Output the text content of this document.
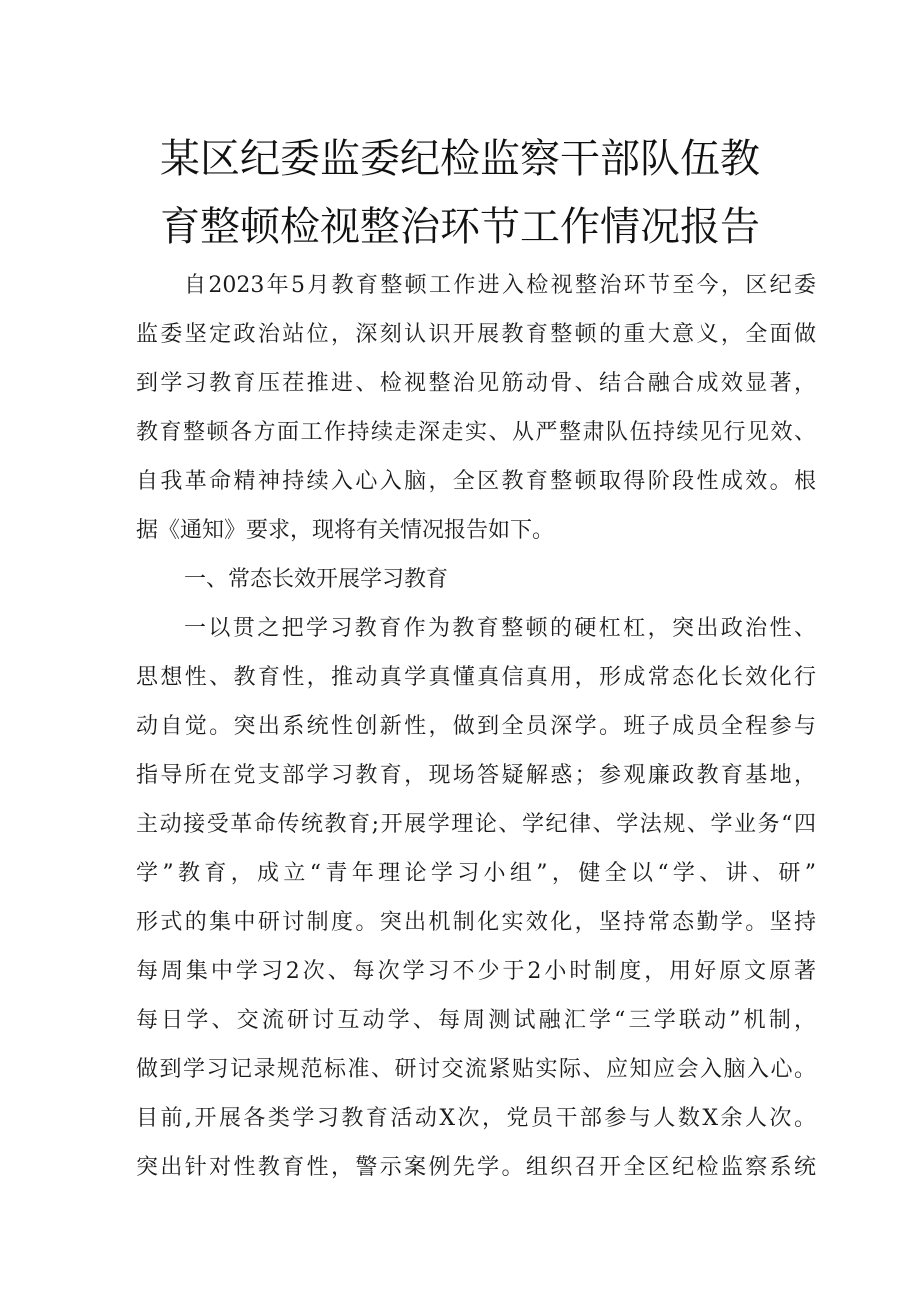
某区纪委监委纪检监察干部队伍教
育整顿检视整治环节工作情况报告
自2023年5月教育整顿工作进入检视整治环节至今，区纪委
监委坚定政治站位，深刻认识开展教育整顿的重大意义，全面做
到学习教育压茬推进、检视整治见筋动骨、结合融合成效显著，
教育整顿各方面工作持续走深走实、从严整肃队伍持续见行见效、
自我革命精神持续入心入脑，全区教育整顿取得阶段性成效。根
据《通知》要求，现将有关情况报告如下。
一、常态长效开展学习教育
一以贯之把学习教育作为教育整顿的硬杠杠，突出政治性、
思想性、教育性，推动真学真懂真信真用，形成常态化长效化行
动自觉。突出系统性创新性，做到全员深学。班子成员全程参与
指导所在党支部学习教育，现场答疑解惑；参观廉政教育基地，
主动接受革命传统教育;开展学理论、学纪律、学法规、学业务“四
学”教育，成立“青年理论学习小组”，健全以“学、讲、研”
形式的集中研讨制度。突出机制化实效化，坚持常态勤学。坚持
每周集中学习2次、每次学习不少于2小时制度，用好原文原著
每日学、交流研讨互动学、每周测试融汇学“三学联动”机制，
做到学习记录规范标准、研讨交流紧贴实际、应知应会入脑入心。
目前,开展各类学习教育活动X次，党员干部参与人数X余人次。
突出针对性教育性，警示案例先学。组织召开全区纪检监察系统
